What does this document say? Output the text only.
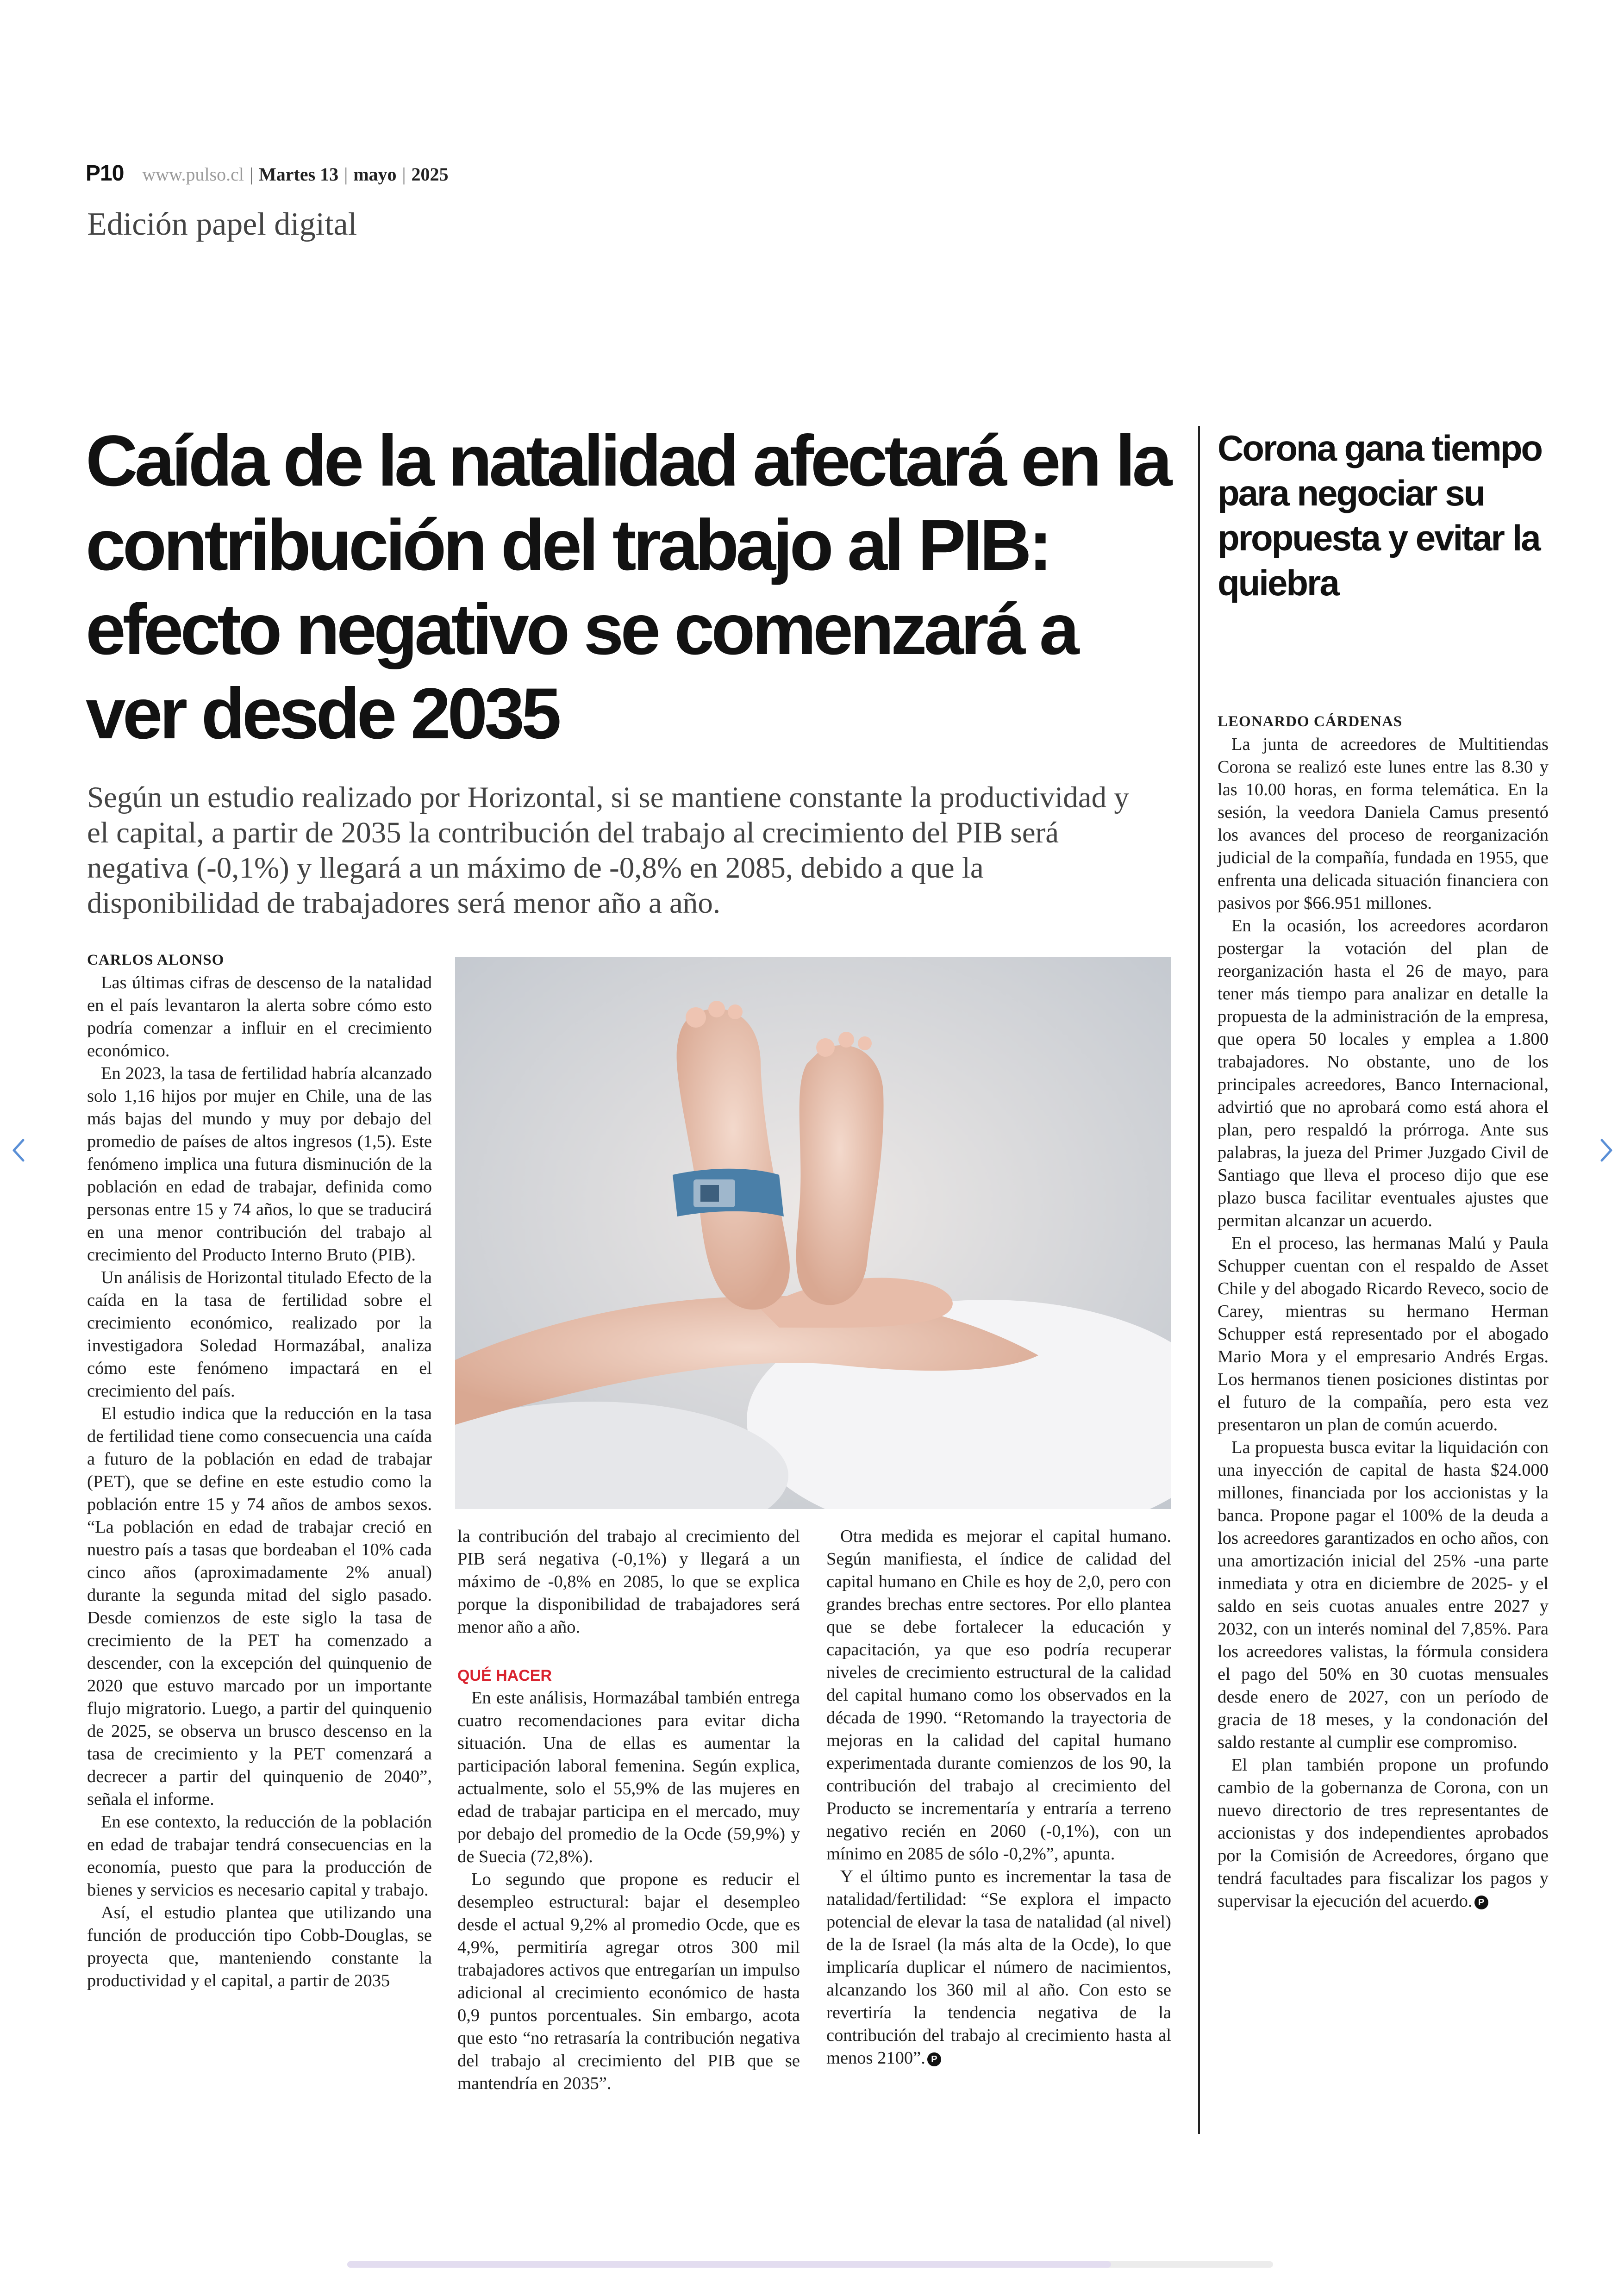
P10 www.pulso.cl | Martes 13 | mayo | 2025
Edición papel digital
Caída de la natalidad afectará en la contribución del trabajo al PIB: efecto negativo se comenzará a ver desde 2035

Según un estudio realizado por Horizontal, si se mantiene constante la productividad y el capital, a partir de 2035 la contribución del trabajo al crecimiento del PIB será negativa (-0,1%) y llegará a un máximo de -0,8% en 2085, debido a que la disponibilidad de trabajadores será menor año a año.

CARLOS ALONSO

Las últimas cifras de descenso de la natalidad en el país levantaron la alerta sobre cómo esto podría comenzar a influir en el crecimiento económico.

En 2023, la tasa de fertilidad habría alcanzado solo 1,16 hijos por mujer en Chile, una de las más bajas del mundo y muy por debajo del promedio de países de altos ingresos (1,5). Este fenómeno implica una futura disminución de la población en edad de trabajar, definida como personas entre 15 y 74 años, lo que se traducirá en una menor contribución del trabajo al crecimiento del Producto Interno Bruto (PIB).

Un análisis de Horizontal titulado Efecto de la caída en la tasa de fertilidad sobre el crecimiento económico, realizado por la investigadora Soledad Hormazábal, analiza cómo este fenómeno impactará en el crecimiento del país.

El estudio indica que la reducción en la tasa de fertilidad tiene como consecuencia una caída a futuro de la población en edad de trabajar (PET), que se define en este estudio como la población entre 15 y 74 años de ambos sexos. “La población en edad de trabajar creció en nuestro país a tasas que bordeaban el 10% cada cinco años (aproximadamente 2% anual) durante la segunda mitad del siglo pasado. Desde comienzos de este siglo la tasa de crecimiento de la PET ha comenzado a descender, con la excepción del quinquenio de 2020 que estuvo marcado por un importante flujo migratorio. Luego, a partir del quinquenio de 2025, se observa un brusco descenso en la tasa de crecimiento y la PET comenzará a decrecer a partir del quinquenio de 2040”, señala el informe.

En ese contexto, la reducción de la población en edad de trabajar tendrá consecuencias en la economía, puesto que para la producción de bienes y servicios es necesario capital y trabajo.

Así, el estudio plantea que utilizando una función de producción tipo Cobb-Douglas, se proyecta que, manteniendo constante la productividad y el capital, a partir de 2035

la contribución del trabajo al crecimiento del PIB será negativa (-0,1%) y llegará a un máximo de -0,8% en 2085, lo que se explica porque la disponibilidad de trabajadores será menor año a año.

QUÉ HACER

En este análisis, Hormazábal también entrega cuatro recomendaciones para evitar dicha situación. Una de ellas es aumentar la participación laboral femenina. Según explica, actualmente, solo el 55,9% de las mujeres en edad de trabajar participa en el mercado, muy por debajo del promedio de la Ocde (59,9%) y de Suecia (72,8%).

Lo segundo que propone es reducir el desempleo estructural: bajar el desempleo desde el actual 9,2% al promedio Ocde, que es 4,9%, permitiría agregar otros 300 mil trabajadores activos que entregarían un impulso adicional al crecimiento económico de hasta 0,9 puntos porcentuales. Sin embargo, acota que esto “no retrasaría la contribución negativa del trabajo al crecimiento del PIB que se mantendría en 2035”.

Otra medida es mejorar el capital humano. Según manifiesta, el índice de calidad del capital humano en Chile es hoy de 2,0, pero con grandes brechas entre sectores. Por ello plantea que se debe fortalecer la educación y capacitación, ya que eso podría recuperar niveles de crecimiento estructural de la calidad del capital humano como los observados en la década de 1990. “Retomando la trayectoria de mejoras en la calidad del capital humano experimentada durante comienzos de los 90, la contribución del trabajo al crecimiento del Producto se incrementaría y entraría a terreno negativo recién en 2060 (-0,1%), con un mínimo en 2085 de sólo -0,2%”, apunta.

Y el último punto es incrementar la tasa de natalidad/fertilidad: “Se explora el impacto potencial de elevar la tasa de natalidad (al nivel) de la de Israel (la más alta de la Ocde), lo que implicaría duplicar el número de nacimientos, alcanzando los 360 mil al año. Con esto se revertiría la tendencia negativa de la contribución del trabajo al crecimiento hasta al menos 2100”. P

Corona gana tiempo para negociar su propuesta y evitar la quiebra

LEONARDO CÁRDENAS

La junta de acreedores de Multitiendas Corona se realizó este lunes entre las 8.30 y las 10.00 horas, en forma telemática. En la sesión, la veedora Daniela Camus presentó los avances del proceso de reorganización judicial de la compañía, fundada en 1955, que enfrenta una delicada situación financiera con pasivos por $66.951 millones.

En la ocasión, los acreedores acordaron postergar la votación del plan de reorganización hasta el 26 de mayo, para tener más tiempo para analizar en detalle la propuesta de la administración de la empresa, que opera 50 locales y emplea a 1.800 trabajadores. No obstante, uno de los principales acreedores, Banco Internacional, advirtió que no aprobará como está ahora el plan, pero respaldó la prórroga. Ante sus palabras, la jueza del Primer Juzgado Civil de Santiago que lleva el proceso dijo que ese plazo busca facilitar eventuales ajustes que permitan alcanzar un acuerdo.

En el proceso, las hermanas Malú y Paula Schupper cuentan con el respaldo de Asset Chile y del abogado Ricardo Reveco, socio de Carey, mientras su hermano Herman Schupper está representado por el abogado Mario Mora y el empresario Andrés Ergas. Los hermanos tienen posiciones distintas por el futuro de la compañía, pero esta vez presentaron un plan de común acuerdo.

La propuesta busca evitar la liquidación con una inyección de capital de hasta $24.000 millones, financiada por los accionistas y la banca. Propone pagar el 100% de la deuda a los acreedores garantizados en ocho años, con una amortización inicial del 25% -una parte inmediata y otra en diciembre de 2025- y el saldo en seis cuotas anuales entre 2027 y 2032, con un interés nominal del 7,85%. Para los acreedores valistas, la fórmula considera el pago del 50% en 30 cuotas mensuales desde enero de 2027, con un período de gracia de 18 meses, y la condonación del saldo restante al cumplir ese compromiso.

El plan también propone un profundo cambio de la gobernanza de Corona, con un nuevo directorio de tres representantes de accionistas y dos independientes aprobados por la Comisión de Acreedores, órgano que tendrá facultades para fiscalizar los pagos y supervisar la ejecución del acuerdo. P
